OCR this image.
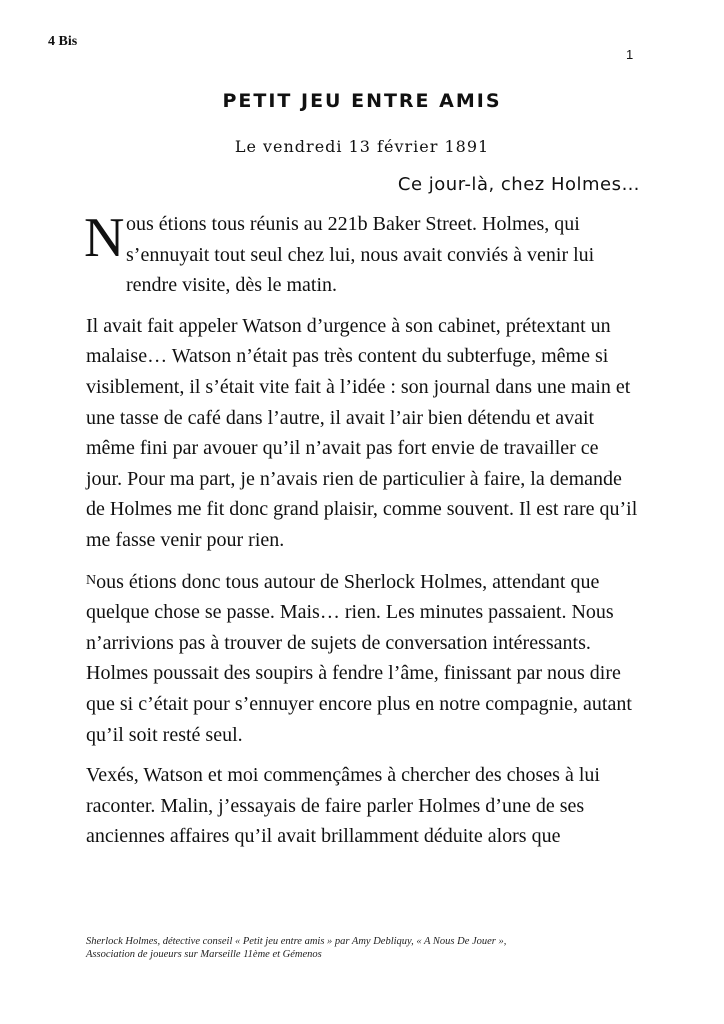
4 Bis
1
PETIT JEU ENTRE AMIS
Le vendredi 13 février 1891
Ce jour-là, chez Holmes…

N ous étions tous réunis au 221b Baker Street. Holmes, qui s’ennuyait tout seul chez lui, nous avait conviés à venir lui rendre visite, dès le matin.

Il avait fait appeler Watson d’urgence à son cabinet, prétextant un malaise… Watson n’était pas très content du subterfuge, même si visiblement, il s’était vite fait à l’idée : son journal dans une main et une tasse de café dans l’autre, il avait l’air bien détendu et avait même fini par avouer qu’il n’avait pas fort envie de travailler ce jour. Pour ma part, je n’avais rien de particulier à faire, la demande de Holmes me fit donc grand plaisir, comme souvent. Il est rare qu’il me fasse venir pour rien.

$^N$ous étions donc tous autour de Sherlock Holmes, attendant que quelque chose se passe. Mais… rien. Les minutes passaient. Nous n’arrivions pas à trouver de sujets de conversation intéressants. Holmes poussait des soupirs à fendre l’âme, finissant par nous dire que si c’était pour s’ennuyer encore plus en notre compagnie, autant qu’il soit resté seul.

Vexés, Watson et moi commençâmes à chercher des choses à lui raconter. Malin, j’essayais de faire parler Holmes d’une de ses anciennes affaires qu’il avait brillamment déduite alors que

Sherlock Holmes, détective conseil « Petit jeu entre amis » par Amy Debliquy, « A Nous De Jouer »,
Association de joueurs sur Marseille 11ème et Gémenos
